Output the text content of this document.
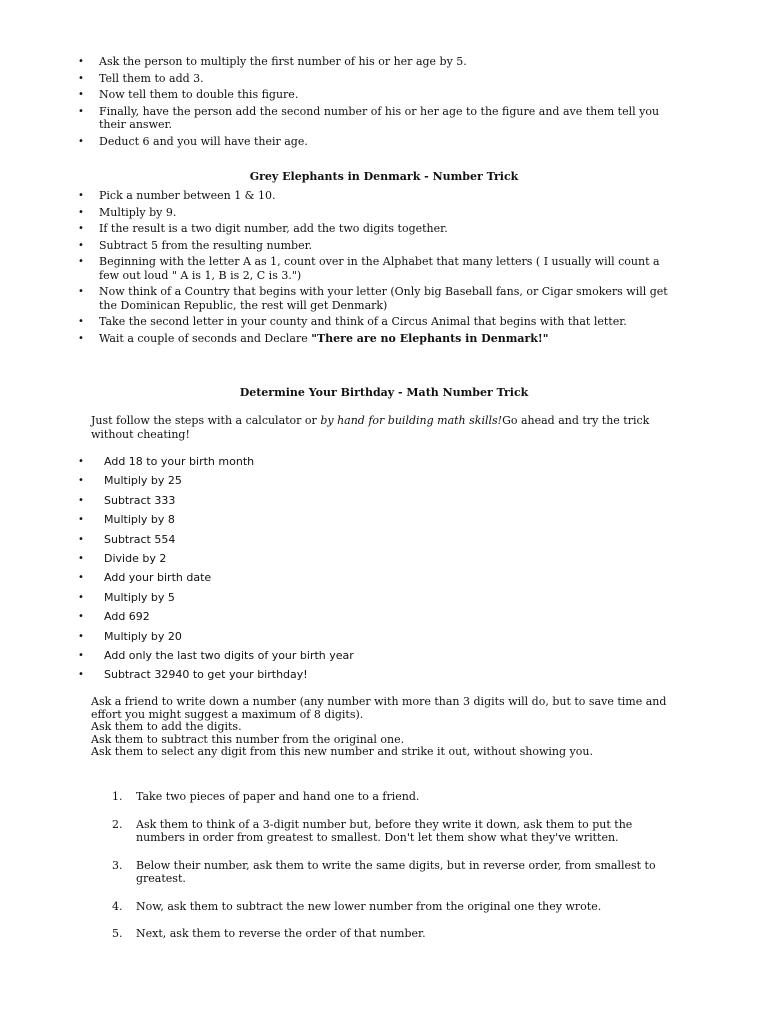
• Ask the person to multiply the first number of his or her age by 5.
• Tell them to add 3.
• Now tell them to double this figure.
• Finally, have the person add the second number of his or her age to the figure and ave them tell you their answer.
• Deduct 6 and you will have their age.
Grey Elephants in Denmark - Number Trick
• Pick a number between 1 & 10.
• Multiply by 9.
• If the result is a two digit number, add the two digits together.
• Subtract 5 from the resulting number.
• Beginning with the letter A as 1, count over in the Alphabet that many letters ( I usually will count a few out loud " A is 1, B is 2, C is 3.")
• Now think of a Country that begins with your letter (Only big Baseball fans, or Cigar smokers will get the Dominican Republic, the rest will get Denmark)
• Take the second letter in your county and think of a Circus Animal that begins with that letter.
• Wait a couple of seconds and Declare "There are no Elephants in Denmark!"
Determine Your Birthday - Math Number Trick
Just follow the steps with a calculator or by hand for building math skills!Go ahead and try the trick without cheating!
• Add 18 to your birth month
• Multiply by 25
• Subtract 333
• Multiply by 8
• Subtract 554
• Divide by 2
• Add your birth date
• Multiply by 5
• Add 692
• Multiply by 20
• Add only the last two digits of your birth year
• Subtract 32940 to get your birthday!
Ask a friend to write down a number (any number with more than 3 digits will do, but to save time and effort you might suggest a maximum of 8 digits).
Ask them to add the digits.
Ask them to subtract this number from the original one.
Ask them to select any digit from this new number and strike it out, without showing you.
1. Take two pieces of paper and hand one to a friend.
2. Ask them to think of a 3-digit number but, before they write it down, ask them to put the numbers in order from greatest to smallest. Don't let them show what they've written.
3. Below their number, ask them to write the same digits, but in reverse order, from smallest to greatest.
4. Now, ask them to subtract the new lower number from the original one they wrote.
5. Next, ask them to reverse the order of that number.
